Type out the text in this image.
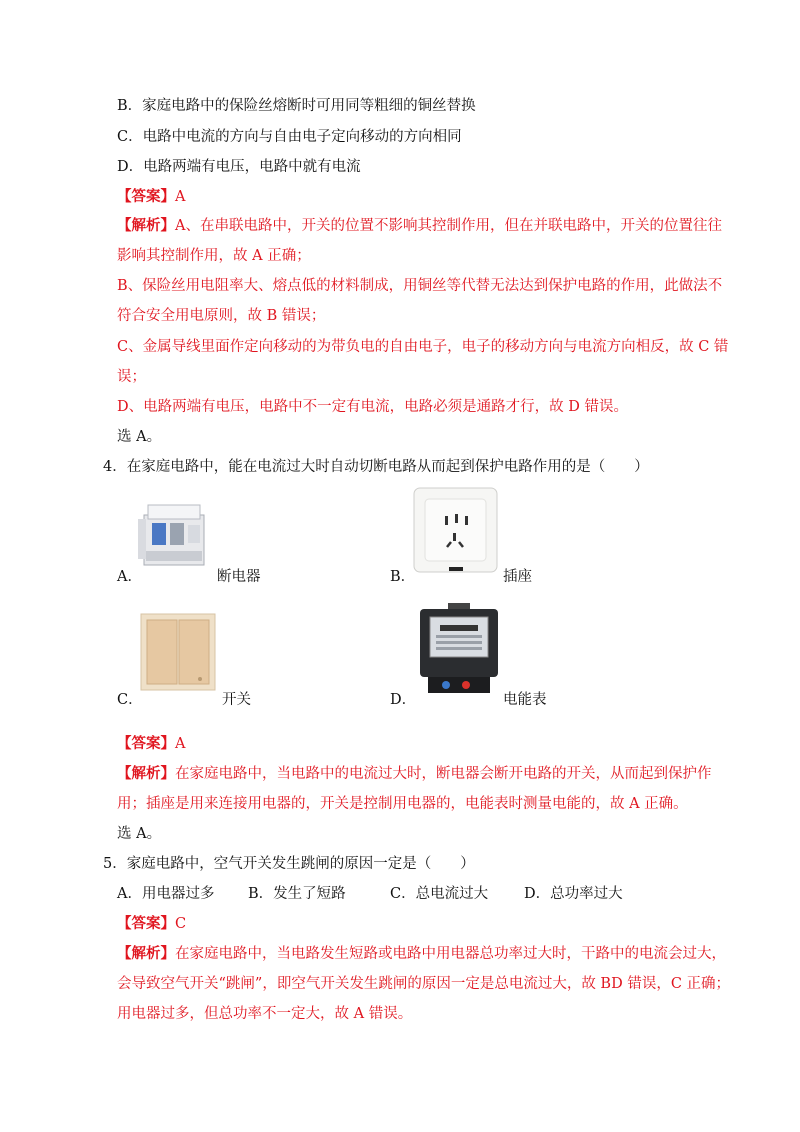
B．家庭电路中的保险丝熔断时可用同等粗细的铜丝替换
C．电路中电流的方向与自由电子定向移动的方向相同
D．电路两端有电压，电路中就有电流
【答案】A
【解析】A、在串联电路中，开关的位置不影响其控制作用，但在并联电路中，开关的位置往往
影响其控制作用，故 A 正确；
B、保险丝用电阻率大、熔点低的材料制成，用铜丝等代替无法达到保护电路的作用，此做法不
符合安全用电原则，故 B 错误；
C、金属导线里面作定向移动的为带负电的自由电子，电子的移动方向与电流方向相反，故 C 错
误；
D、电路两端有电压，电路中不一定有电流，电路必须是通路才行，故 D 错误。
选 A。
4．在家庭电路中，能在电流过大时自动切断电路从而起到保护电路作用的是（　　）
A．	断电器	B．	插座
C．	开关	D．	电能表
【答案】A
【解析】在家庭电路中，当电路中的电流过大时，断电器会断开电路的开关，从而起到保护作
用；插座是用来连接用电器的，开关是控制用电器的，电能表时测量电能的，故 A 正确。
选 A。
5．家庭电路中，空气开关发生跳闸的原因一定是（　　）
A．用电器过多 B．发生了短路	C．总电流过大 D．总功率过大
【答案】C
【解析】在家庭电路中，当电路发生短路或电路中用电器总功率过大时，干路中的电流会过大，
会导致空气开关“跳闸”，即空气开关发生跳闸的原因一定是总电流过大，故 BD 错误，C 正确；
用电器过多，但总功率不一定大，故 A 错误。
